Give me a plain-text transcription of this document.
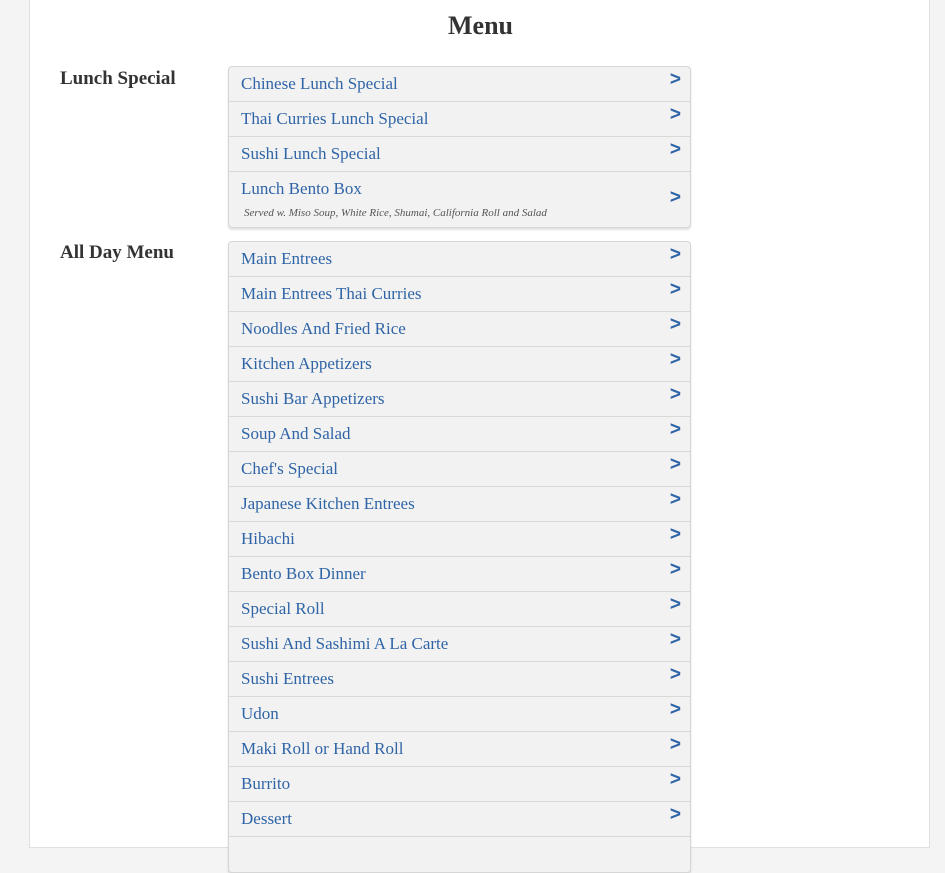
Menu
Lunch Special	Chinese Lunch Special	>
Thai Curries Lunch Special	>
Sushi Lunch Special	>
Lunch Bento Box
Served w. Miso Soup, White Rice, Shumai, California Roll and Salad
>
All Day Menu	Main Entrees	>
Main Entrees Thai Curries	>
Noodles And Fried Rice	>
Kitchen Appetizers	>
Sushi Bar Appetizers	>
Soup And Salad	>
Chef's Special	>
Japanese Kitchen Entrees	>
Hibachi	>
Bento Box Dinner	>
Special Roll	>
Sushi And Sashimi A La Carte	>
Sushi Entrees	>
Udon	>
Maki Roll or Hand Roll	>
Burrito	>
Dessert	>
